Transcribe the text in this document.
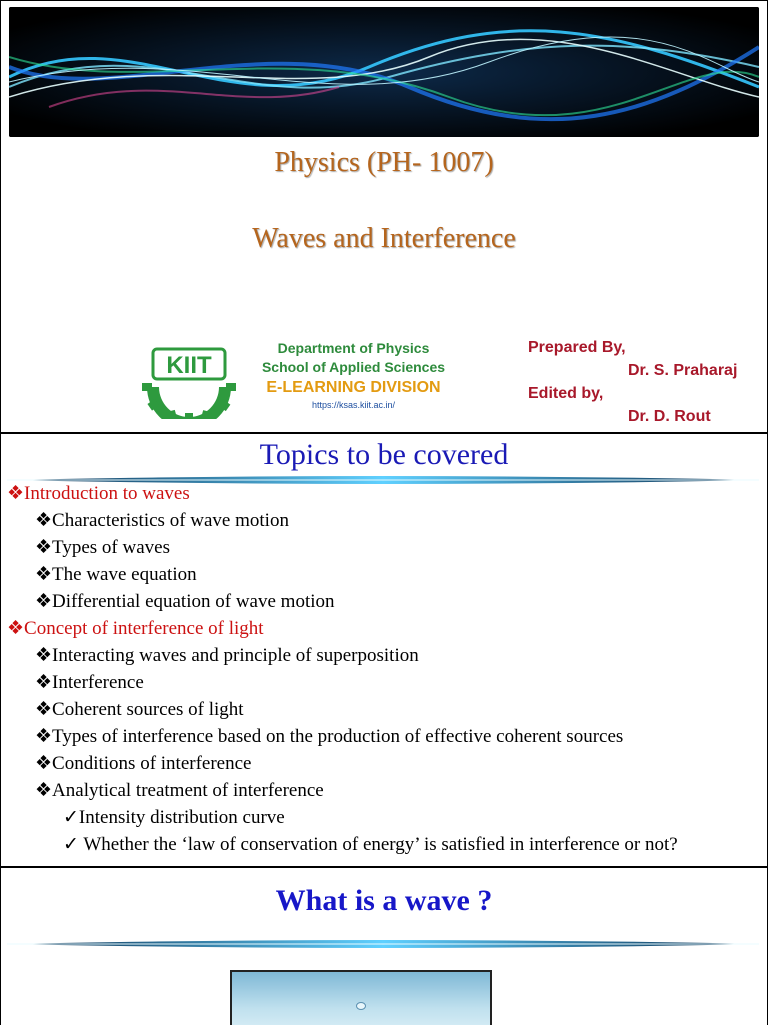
Physics (PH- 1007)
Waves and Interference
KIIT
Department of Physics
School of Applied Sciences
E-LEARNING DIVISION
https://ksas.kiit.ac.in/
Prepared By,
Dr. S. Praharaj
Edited by,
Dr. D. Rout
Topics to be covered
❖Introduction to waves
❖Characteristics of wave motion
❖Types of waves
❖The wave equation
❖Differential equation of wave motion
❖Concept of interference of light
❖Interacting waves and principle of superposition
❖Interference
❖Coherent sources of light
❖Types of interference based on the production of effective coherent sources
❖Conditions of interference
❖Analytical treatment of interference
✓Intensity distribution curve
✓ Whether the ‘law of conservation of energy’ is satisfied in interference or not?
What is a wave ?
